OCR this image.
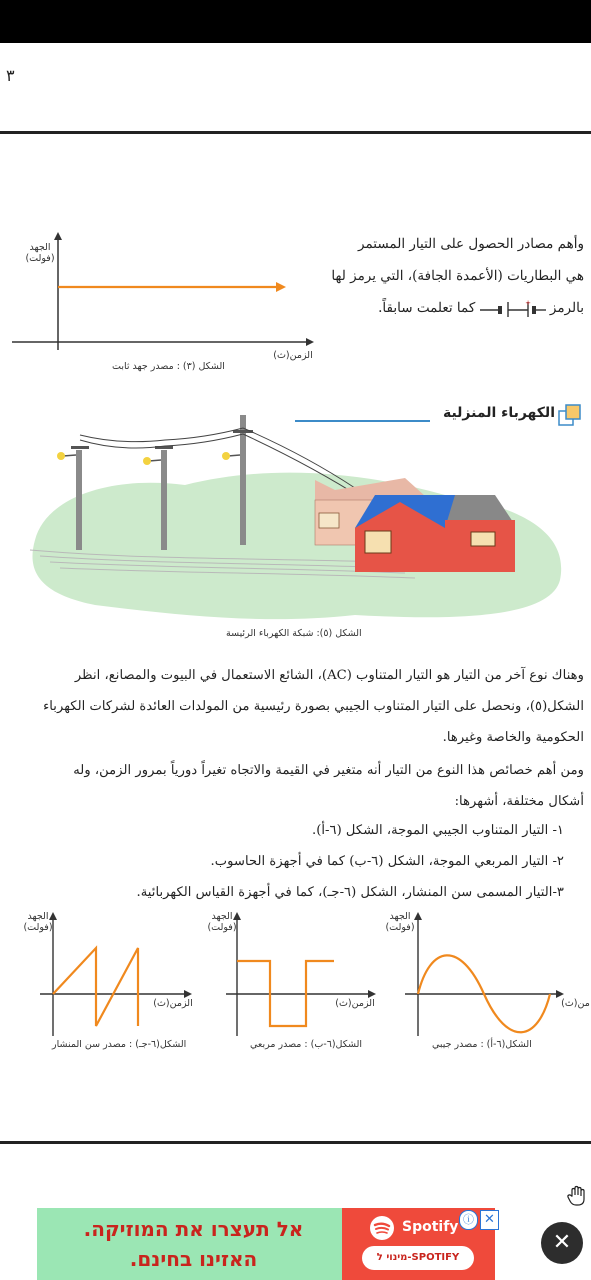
٣
وأهم مصادر الحصول على التيار المستمر
هي البطاريات (الأعمدة الجافة)، التي يرمز لها
بالرمز
+
كما تعلمت سابقاً.
الجهد
(فولت)
الزمن(ث)
الشكل (٣) : مصدر جهد ثابت
الكهرباء المنزلية
الشكل (٥): شبكة الكهرباء الرئيسة
وهناك نوع آخر من التيار هو التيار المتناوب (AC)، الشائع الاستعمال في البيوت والمصانع، انظر
الشكل(٥)، ونحصل على التيار المتناوب الجيبي بصورة رئيسية من المولدات العائدة لشركات الكهرباء
الحكومية والخاصة وغيرها.
ومن أهم خصائص هذا النوع من التيار أنه متغير في القيمة والاتجاه تغيراً دورياً بمرور الزمن، وله
أشكال مختلفة، أشهرها:
١- التيار المتناوب الجيبي الموجة، الشكل (٦-أ).
٢- التيار المربعي الموجة، الشكل (٦-ب) كما في أجهزة الحاسوب.
٣-التيار المسمى سن المنشار، الشكل (٦-جـ)، كما في أجهزة القياس الكهربائية.
الجهد
(فولت)
من(ث)
الشكل(٦-أ) : مصدر جيبي
الجهد
(فولت)
الزمن(ث)
الشكل(٦-ب) : مصدر مربعي
الجهد
(فولت)
الزمن(ث)
الشكل(٦-جـ) : مصدر سن المنشار
אל תעצרו את המוזיקה.
האזינו בחינם.
Spotify
מינוי ל-SPOTIFY
ⓘ ✕
✕
